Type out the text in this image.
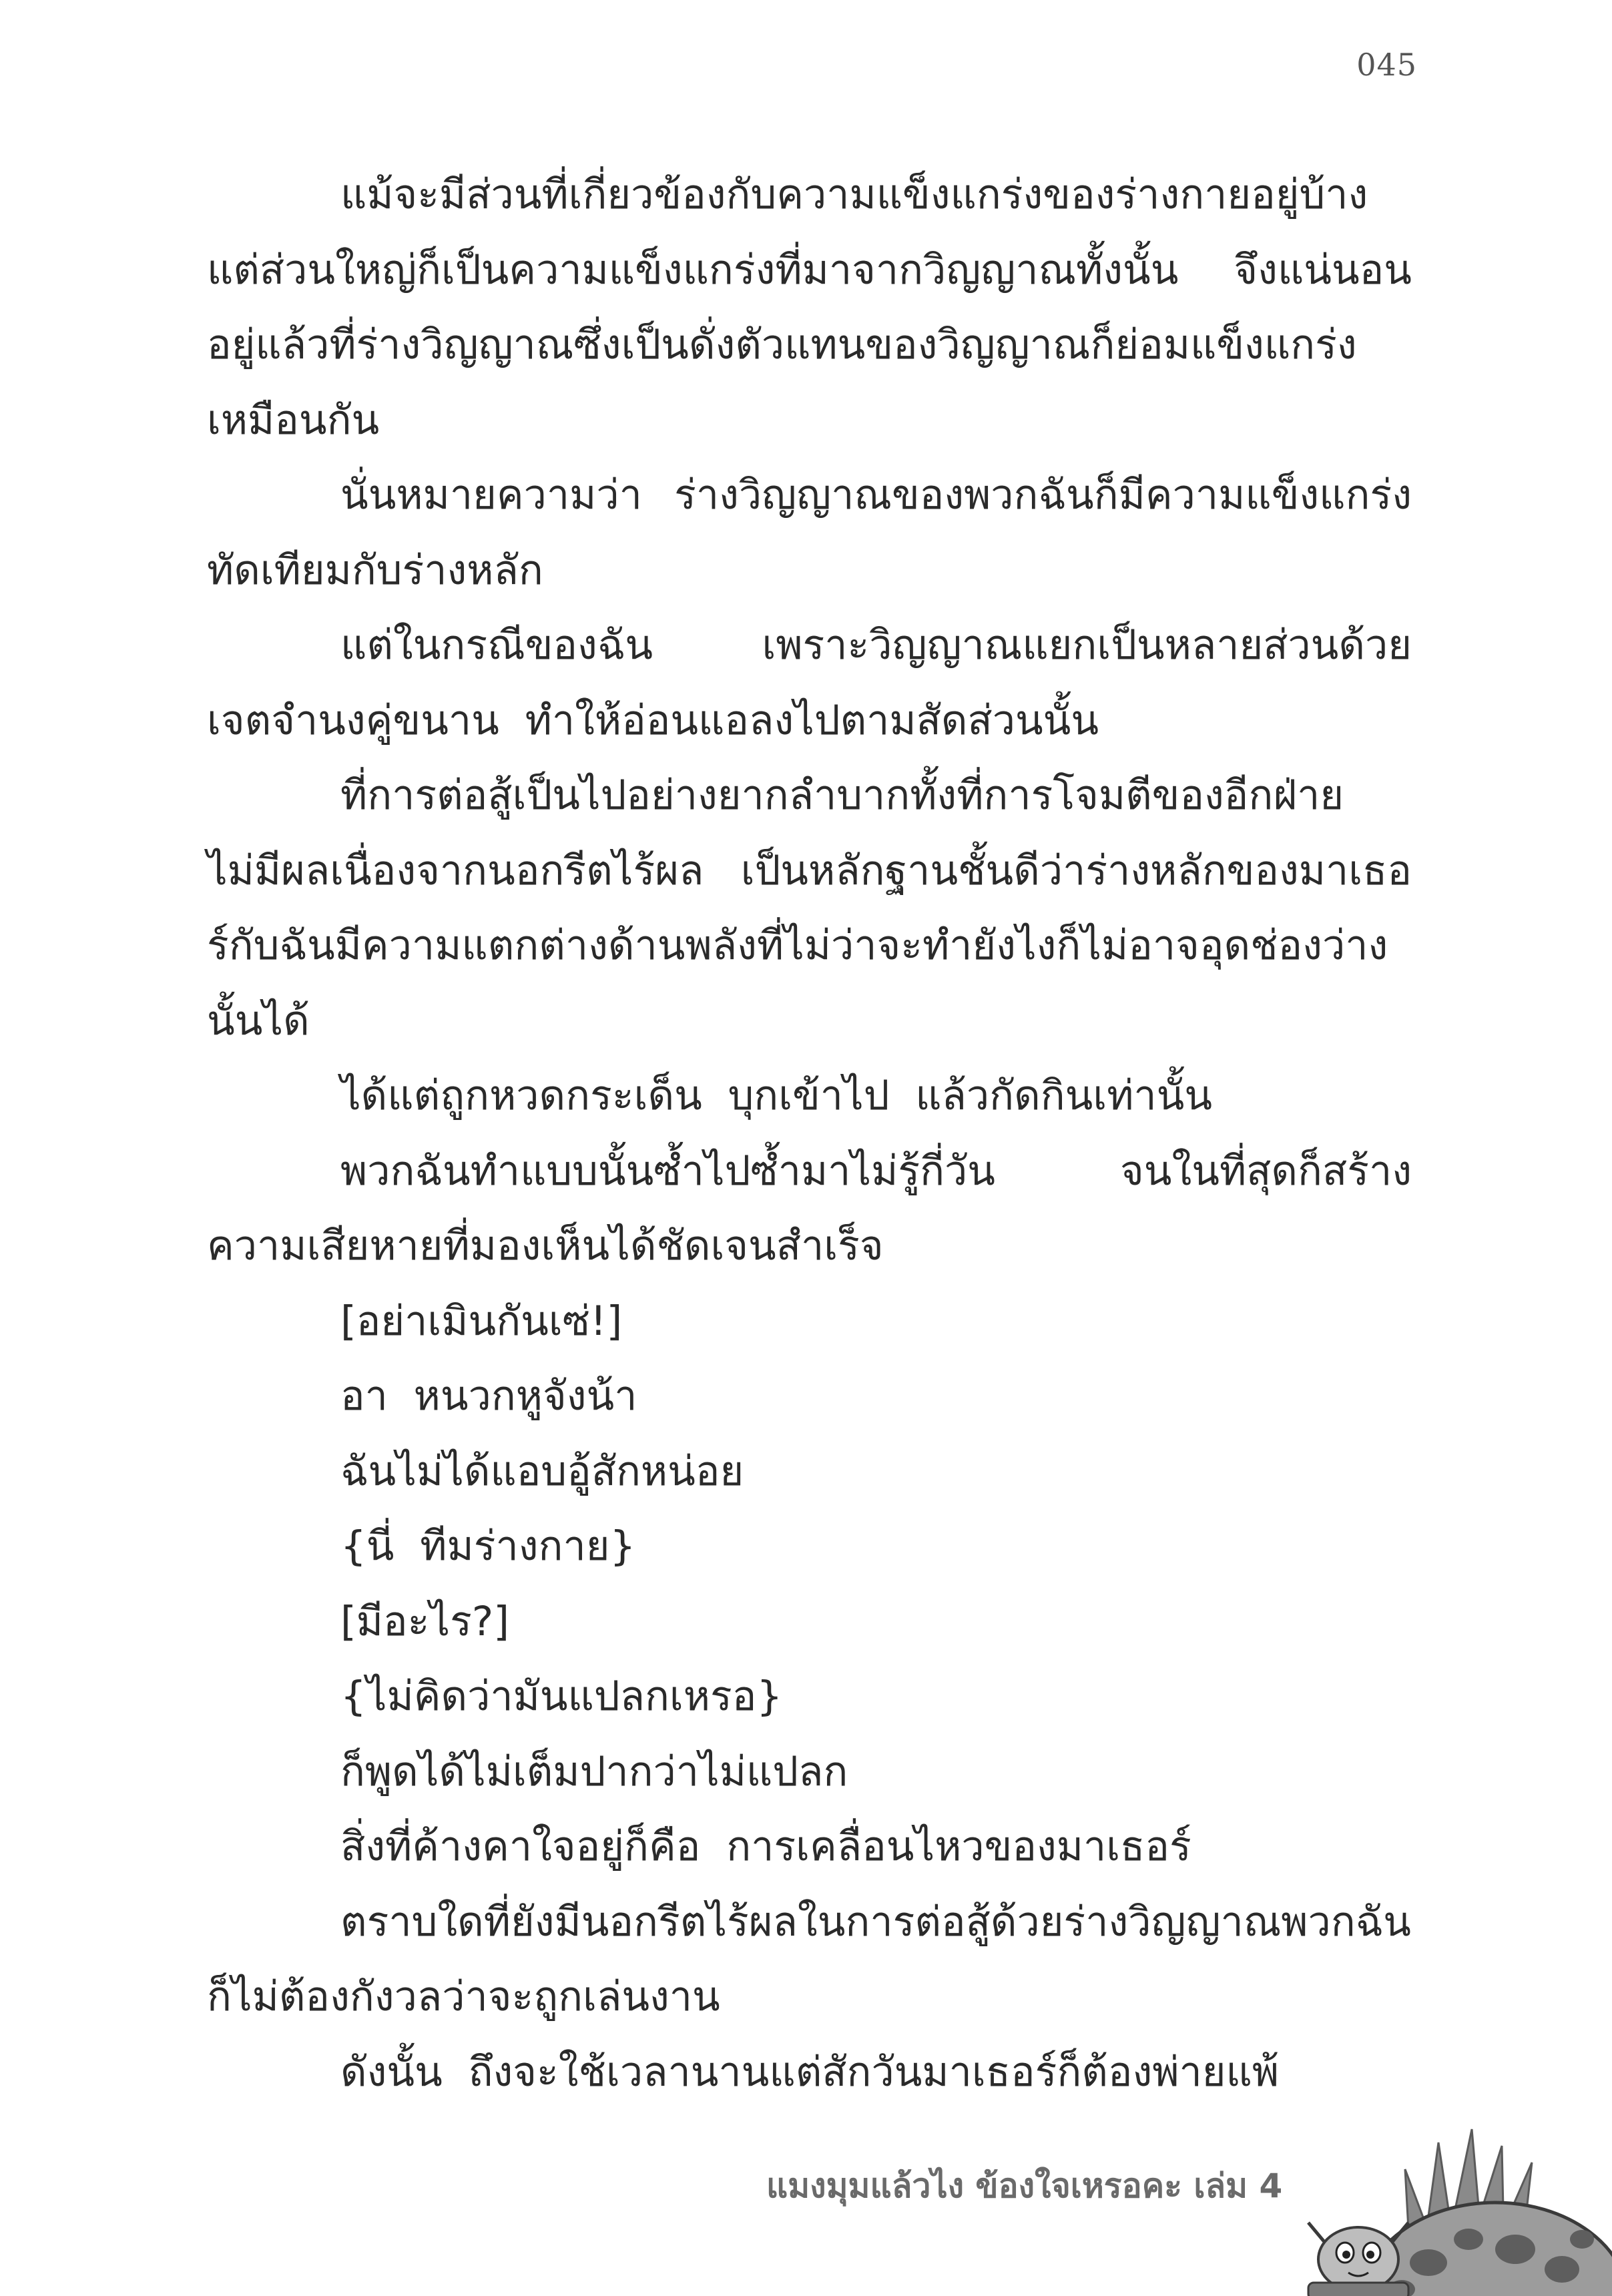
045

แม้จะมีส่วนที่เกี่ยวข้องกับความแข็งแกร่งของร่างกายอยู่บ้าง แต่ส่วนใหญ่ก็เป็นความแข็งแกร่งที่มาจากวิญญาณทั้งนั้น  จึงแน่นอนอยู่แล้วที่ร่างวิญญาณซึ่งเป็นดั่งตัวแทนของวิญญาณก็ย่อมแข็งแกร่งเหมือนกัน

นั่นหมายความว่า  ร่างวิญญาณของพวกฉันก็มีความแข็งแกร่งทัดเทียมกับร่างหลัก

แต่ในกรณีของฉัน  เพราะวิญญาณแยกเป็นหลายส่วนด้วยเจตจำนงคู่ขนาน  ทำให้อ่อนแอลงไปตามสัดส่วนนั้น

ที่การต่อสู้เป็นไปอย่างยากลำบากทั้งที่การโจมตีของอีกฝ่ายไม่มีผลเนื่องจากนอกรีตไร้ผล  เป็นหลักฐานชั้นดีว่าร่างหลักของมาเธอร์กับฉันมีความแตกต่างด้านพลังที่ไม่ว่าจะทำยังไงก็ไม่อาจอุดช่องว่างนั้นได้

ได้แต่ถูกหวดกระเด็น  บุกเข้าไป  แล้วกัดกินเท่านั้น

พวกฉันทำแบบนั้นซ้ำไปซ้ำมาไม่รู้กี่วัน  จนในที่สุดก็สร้างความเสียหายที่มองเห็นได้ชัดเจนสำเร็จ

[อย่าเมินกันเซ่!]

อา  หนวกหูจังน้า

ฉันไม่ได้แอบอู้สักหน่อย

{นี่  ทีมร่างกาย}

[มีอะไร?]

{ไม่คิดว่ามันแปลกเหรอ}

ก็พูดได้ไม่เต็มปากว่าไม่แปลก

สิ่งที่ค้างคาใจอยู่ก็คือ  การเคลื่อนไหวของมาเธอร์

ตราบใดที่ยังมีนอกรีตไร้ผลในการต่อสู้ด้วยร่างวิญญาณพวกฉันก็ไม่ต้องกังวลว่าจะถูกเล่นงาน

ดังนั้น  ถึงจะใช้เวลานานแต่สักวันมาเธอร์ก็ต้องพ่ายแพ้

แมงมุมแล้วไง ข้องใจเหรอคะ เล่ม 4
